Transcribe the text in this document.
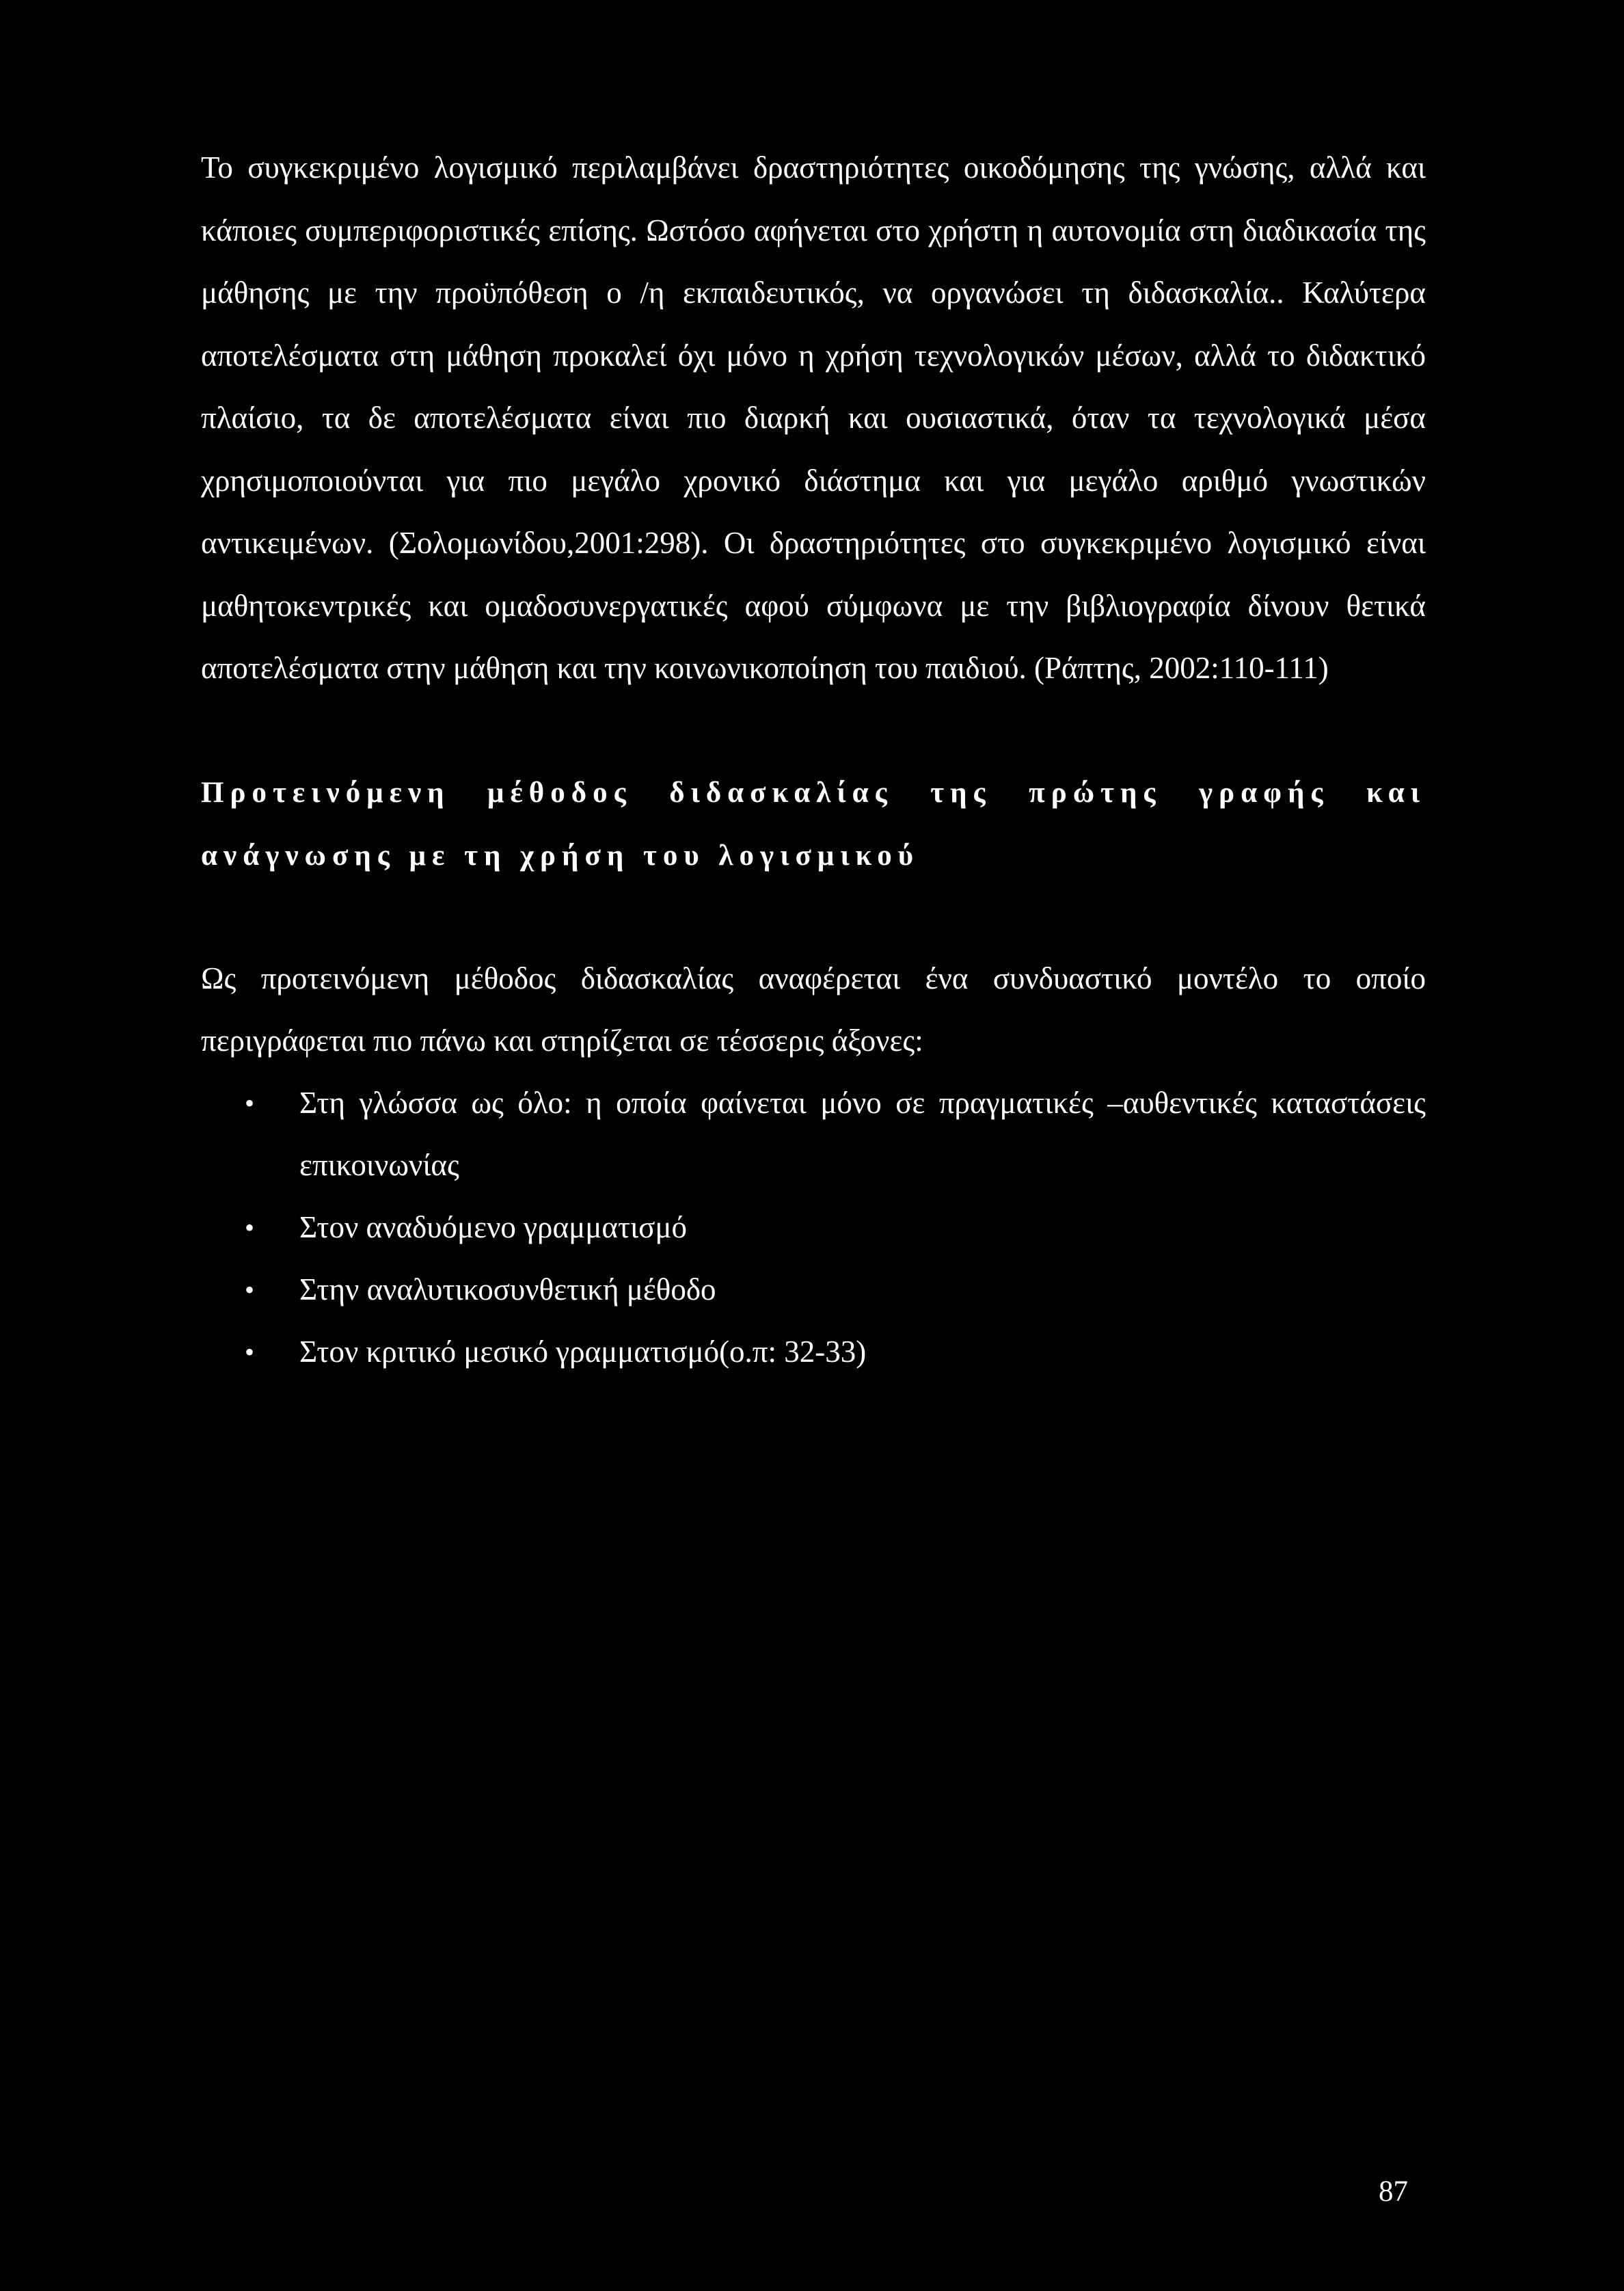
Το συγκεκριμένο λογισμικό περιλαμβάνει δραστηριότητες οικοδόμησης της γνώσης, αλλά και κάποιες συμπεριφοριστικές επίσης. Ωστόσο αφήνεται στο χρήστη η αυτονομία στη διαδικασία της μάθησης με την προϋπόθεση ο /η εκπαιδευτικός, να οργανώσει τη διδασκαλία.. Καλύτερα αποτελέσματα στη μάθηση προκαλεί όχι μόνο η χρήση τεχνολογικών μέσων, αλλά το διδακτικό πλαίσιο, τα δε αποτελέσματα είναι πιο διαρκή και ουσιαστικά, όταν τα τεχνολογικά μέσα χρησιμοποιούνται για πιο μεγάλο χρονικό διάστημα και για μεγάλο αριθμό γνωστικών αντικειμένων. (Σολομωνίδου,2001:298). Οι δραστηριότητες στο συγκεκριμένο λογισμικό είναι μαθητοκεντρικές και ομαδοσυνεργατικές αφού σύμφωνα με την βιβλιογραφία δίνουν θετικά αποτελέσματα στην μάθηση και την κοινωνικοποίηση του παιδιού. (Ράπτης, 2002:110-111)

Προτεινόμενη μέθοδος διδασκαλίας της πρώτης γραφής και ανάγνωσης με τη χρήση του λογισμικού

Ως προτεινόμενη μέθοδος διδασκαλίας αναφέρεται ένα συνδυαστικό μοντέλο το οποίο περιγράφεται πιο πάνω και στηρίζεται σε τέσσερις άξονες:

•	Στη γλώσσα ως όλο: η οποία φαίνεται μόνο σε πραγματικές –αυθεντικές καταστάσεις επικοινωνίας
•	Στον αναδυόμενο γραμματισμό
•	Στην αναλυτικοσυνθετική μέθοδο
•	Στον κριτικό μεσικό γραμματισμό(ο.π: 32-33)
87
